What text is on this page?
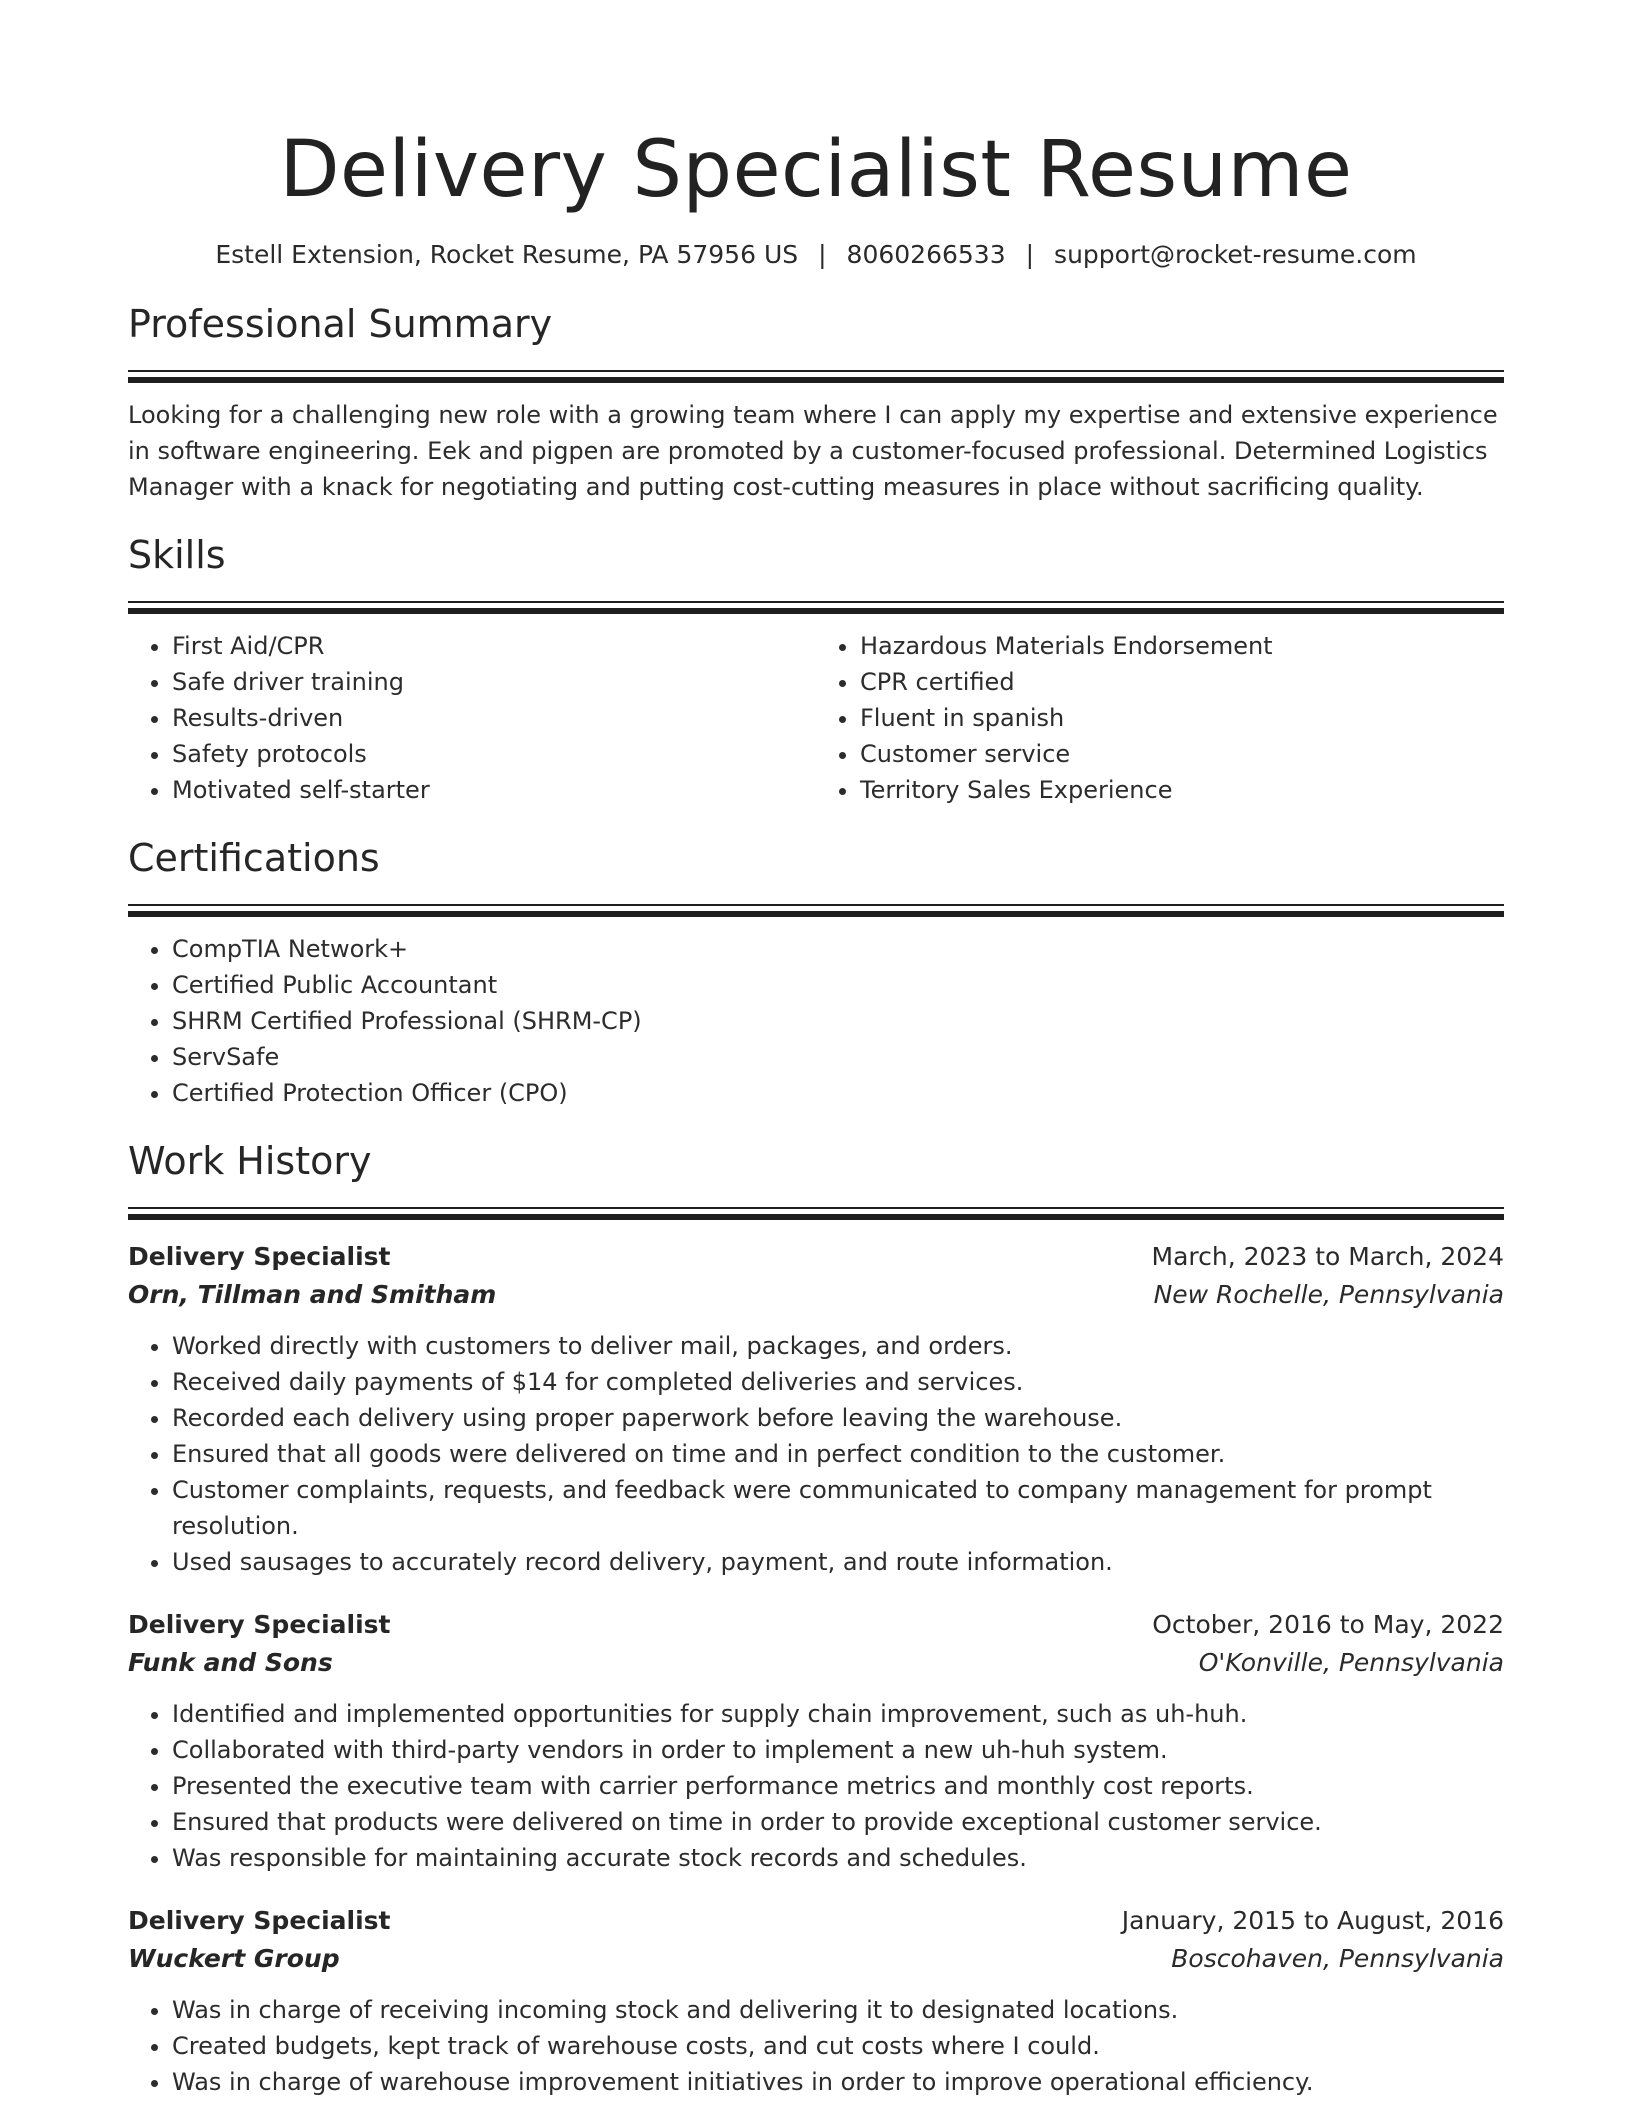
Delivery Specialist Resume
Estell Extension, Rocket Resume, PA 57956 US | 8060266533 | support@rocket-resume.com
Professional Summary
Looking for a challenging new role with a growing team where I can apply my expertise and extensive experience in software engineering. Eek and pigpen are promoted by a customer-focused professional. Determined Logistics Manager with a knack for negotiating and putting cost-cutting measures in place without sacrificing quality.
Skills
• First Aid/CPR
• Safe driver training
• Results-driven
• Safety protocols
• Motivated self-starter
• Hazardous Materials Endorsement
• CPR certified
• Fluent in spanish
• Customer service
• Territory Sales Experience
Certifications
• CompTIA Network+
• Certified Public Accountant
• SHRM Certified Professional (SHRM-CP)
• ServSafe
• Certified Protection Officer (CPO)
Work History
Delivery Specialist	March, 2023 to March, 2024
Orn, Tillman and Smitham	New Rochelle, Pennsylvania
• Worked directly with customers to deliver mail, packages, and orders.
• Received daily payments of $14 for completed deliveries and services.
• Recorded each delivery using proper paperwork before leaving the warehouse.
• Ensured that all goods were delivered on time and in perfect condition to the customer.
• Customer complaints, requests, and feedback were communicated to company management for prompt resolution.
• Used sausages to accurately record delivery, payment, and route information.
Delivery Specialist	October, 2016 to May, 2022
Funk and Sons	O'Konville, Pennsylvania
• Identified and implemented opportunities for supply chain improvement, such as uh-huh.
• Collaborated with third-party vendors in order to implement a new uh-huh system.
• Presented the executive team with carrier performance metrics and monthly cost reports.
• Ensured that products were delivered on time in order to provide exceptional customer service.
• Was responsible for maintaining accurate stock records and schedules.
Delivery Specialist	January, 2015 to August, 2016
Wuckert Group	Boscohaven, Pennsylvania
• Was in charge of receiving incoming stock and delivering it to designated locations.
• Created budgets, kept track of warehouse costs, and cut costs where I could.
• Was in charge of warehouse improvement initiatives in order to improve operational efficiency.
